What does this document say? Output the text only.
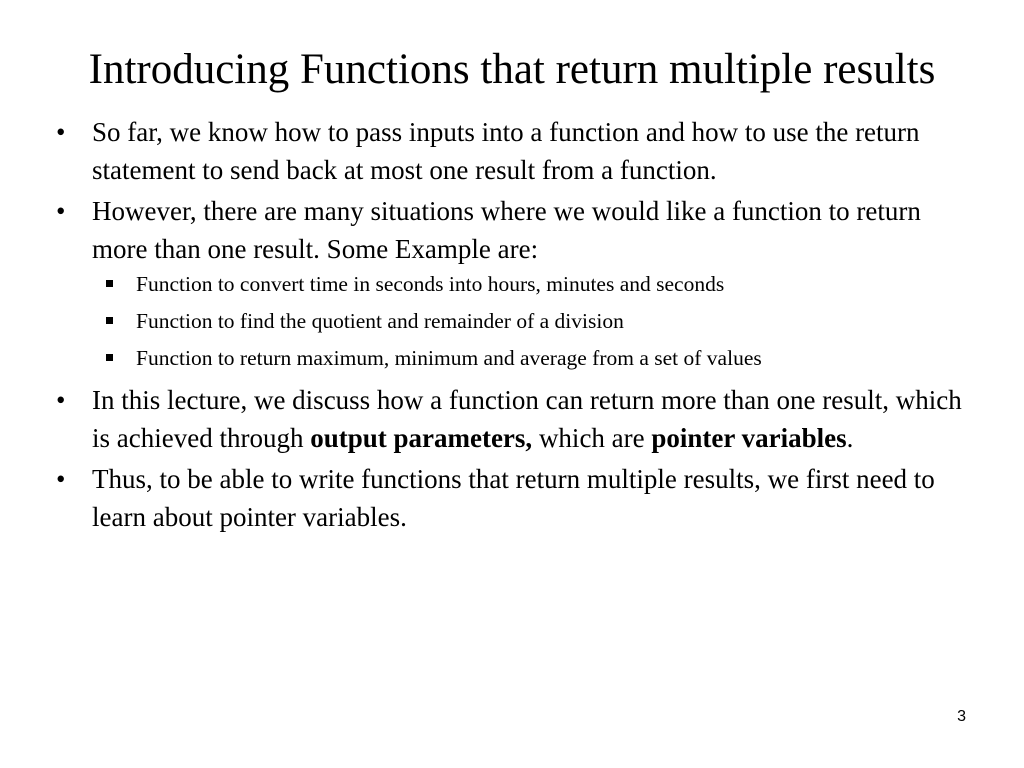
Introducing Functions that return multiple results
• So far, we know how to pass inputs into a function and how to use the return statement to send back at most one result from a function.
• However, there are many situations where we would like a function to return more than one result. Some Example are:
Function to convert time in seconds into hours, minutes and seconds
Function to find the quotient and remainder of a division
Function to return maximum, minimum and average from a set of values
• In this lecture, we discuss how a function can return more than one result, which is achieved through output parameters, which are pointer variables.
• Thus, to be able to write functions that return multiple results, we first need to learn about pointer variables.
3
